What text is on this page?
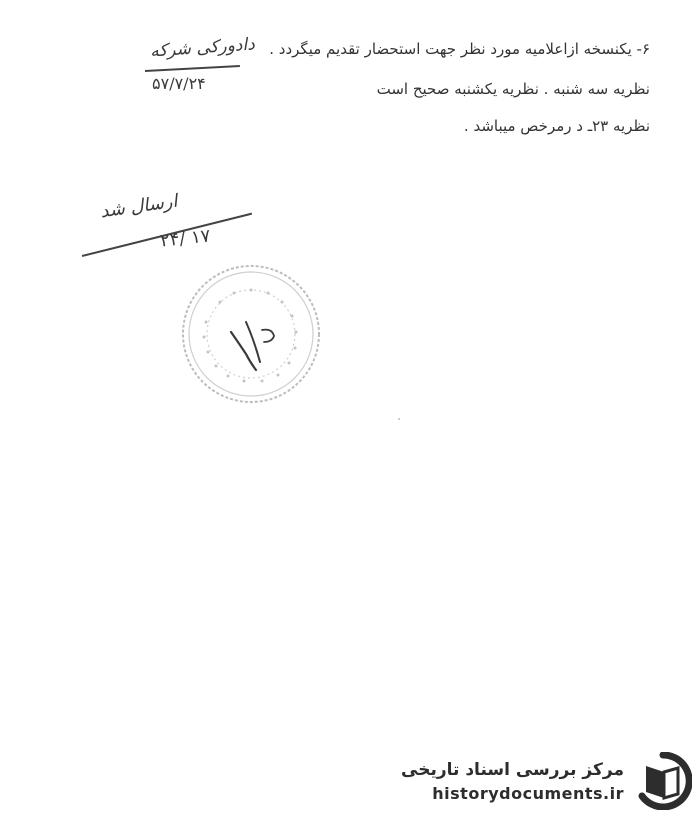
۶- یکنسخه ازاعلامیه مورد نظر جهت استحضار تقدیم میگردد .
نظریه سه شنبه . نظریه یکشنبه صحیح است
نظریه ۲۳ـ د رمرخص میباشد .
دادورکی شرکه
۵۷/۷/۲۴
ارسال شد
۲۴/ ۱۷
مرکز بررسی اسناد تاریخی
historydocuments.ir
